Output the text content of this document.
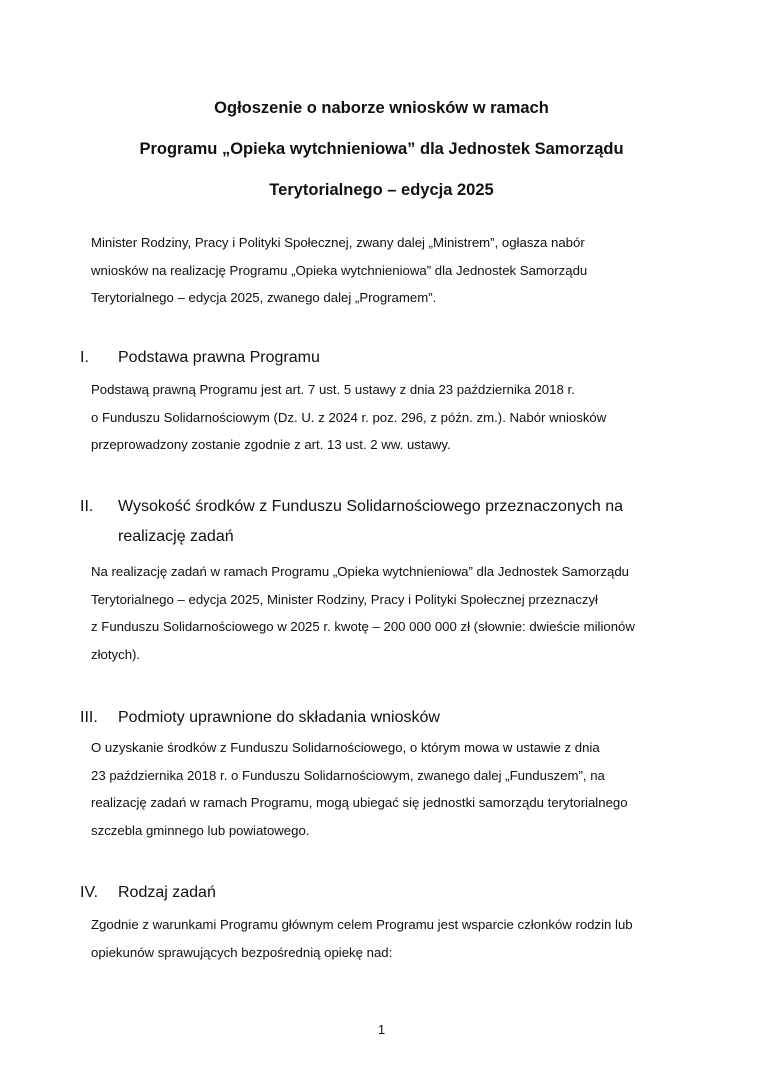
Ogłoszenie o naborze wniosków w ramach

Programu „Opieka wytchnieniowa” dla Jednostek Samorządu

Terytorialnego – edycja 2025

Minister Rodziny, Pracy i Polityki Społecznej, zwany dalej „Ministrem”, ogłasza nabór
wniosków na realizację Programu „Opieka wytchnieniowa” dla Jednostek Samorządu
Terytorialnego – edycja 2025, zwanego dalej „Programem”.
I. Podstawa prawna Programu
Podstawą prawną Programu jest art. 7 ust. 5 ustawy z dnia 23 października 2018 r.
o Funduszu Solidarnościowym (Dz. U. z 2024 r. poz. 296, z późn. zm.). Nabór wniosków
przeprowadzony zostanie zgodnie z art. 13 ust. 2 ww. ustawy.
II. Wysokość środków z Funduszu Solidarnościowego przeznaczonych na
realizację zadań
Na realizację zadań w ramach Programu „Opieka wytchnieniowa” dla Jednostek Samorządu
Terytorialnego – edycja 2025, Minister Rodziny, Pracy i Polityki Społecznej przeznaczył
z Funduszu Solidarnościowego w 2025 r. kwotę – 200 000 000 zł (słownie: dwieście milionów
złotych).
III. Podmioty uprawnione do składania wniosków
O uzyskanie środków z Funduszu Solidarnościowego, o którym mowa w ustawie z dnia
23 października 2018 r. o Funduszu Solidarnościowym, zwanego dalej „Funduszem”, na
realizację zadań w ramach Programu, mogą ubiegać się jednostki samorządu terytorialnego
szczebla gminnego lub powiatowego.
IV. Rodzaj zadań
Zgodnie z warunkami Programu głównym celem Programu jest wsparcie członków rodzin lub
opiekunów sprawujących bezpośrednią opiekę nad:
1
